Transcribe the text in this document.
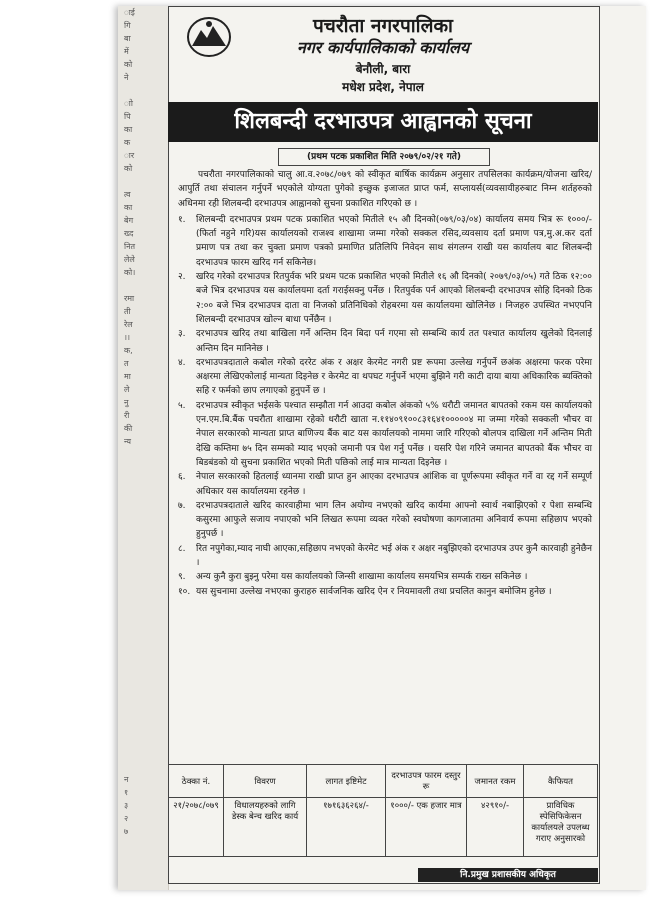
ाई
गि
बा
में
को
ने
ाो
पि
का
क
ार
को
त्व
का
बेग
ख्द
नित
लेले
को।
रमा
ती
रेल
।।
क,
त
मा
ले
नु
री
की
न्य
न
१
३
२
७
पचरौता नगरपालिका
नगर कार्यपालिकाको कार्यालय
बेनौली, बारा
मधेश प्रदेश, नेपाल
शिलबन्दी दरभाउपत्र आह्वानको सूचना
(प्रथम पटक प्रकाशित मिति २०७९/०२/२१ गते)

पचरौता नगरपालिकाको चालु आ.व.२०७८/०७९ को स्वीकृत बार्षिक कार्यक्रम अनुसार तपसिलका कार्यक्रम/योजना खरिद/आपुर्ति तथा संचालन गर्नुपर्ने भएकोले योग्यता पुगेको इच्छुक इजाजत प्राप्त फर्म, सप्लायर्स(व्यवसायीहरुबाट निम्न शर्तहरुको अधिनमा रही शिलबन्दी दरभाउपत्र आह्वानको सुचना प्रकाशित गरिएको छ ।

१.	शिलबन्दी दरभाउपत्र प्रथम पटक प्रकाशित भएको मितीले १५ औ दिनको(०७९/०३/०४) कार्यालय समय भित्र रू १०००/-(फिर्ता नहुने गरि)यस कार्यालयको राजश्व शाखामा जम्मा गरेको सक्कल रसिद,व्यवसाय दर्ता प्रमाण पत्र,मु.अ.कर दर्ता प्रमाण पत्र तथा कर चुक्ता प्रमाण पत्रको प्रमाणित प्रतिलिपि निवेदन साथ संगलग्न राखी यस कार्यालय बाट शिलबन्दी दरभाउपत्र फारम खरिद गर्न सकिनेछ।
२.	खरिद गरेको दरभाउपत्र रितपुर्वक भरि प्रथम पटक प्रकाशित भएको मितीले १६ औ दिनको( २०७९/०३/०५) गते ठिक १२:०० बजे भित्र दरभाउपत्र यस कार्यालयमा दर्ता गराईसक्नु पर्नेछ । रितपुर्वक पर्न आएको शिलबन्दी दरभाउपत्र सोहि दिनको ठिक २:०० बजे भित्र दरभाउपत्र दाता वा निजको प्रतिनिधिको रोहबरमा यस कार्यालयमा खोलिनेछ । निजहरु उपस्थित नभएपनि शिलबन्दी दरभाउपत्र खोल्न बाधा पर्नेछैन ।
३.	दरभाउपत्र खरिद तथा बाखिला गर्ने अन्तिम दिन बिदा पर्न गएमा सो सम्बन्धि कार्य तत पश्चात कार्यालय खुलेको दिनलाई अन्तिम दिन मानिनेछ ।
४.	दरभाउपत्रदाताले कबोल गरेको दररेट अंक र अक्षर केरमेट नगरी प्रष्ट रूपमा उल्लेख गर्नुपर्ने छअंक अक्षरमा फरक परेमा अक्षरमा लेखिएकोलाई मान्यता दिइनेछ र केरमेट वा थपघट गर्नुपर्ने भएमा बुझिने गरी काटी दाया बाया अधिकारिक ब्यक्तिको सहि र फर्मको छाप लगाएको हुनुपर्ने छ ।
५.	दरभाउपत्र स्वीकृत भईसके पश्चात सम्झौता गर्न आउदा कबोल अंकको ५% धरौटी जमानत बापतको रकम यस कार्यालयको एन.एम.बि.बैंक पचरौता शाखामा रहेको धरौटी खाता न.११४०९१००८३१६४१०००००४ मा जम्मा गरेको सक्कली भौचर वा नेपाल सरकारको मान्यता प्राप्त बाणिज्य बैंक बाट यस कार्यालयको नाममा जारि गरिएको बोलपत्र दाखिला गर्ने अन्तिम मिती देखि कम्तिमा ७५ दिन सम्मको म्याद भएको जमानी पत्र पेश गर्नु पर्नेछ । यसरि पेश गरिने जमानत बापतको बैंक भौचर वा बिडबंडको यो सुचना प्रकाशित भएको मिती पछिको लाई मात्र मान्यता दिइनेछ ।
६.	नेपाल सरकारको हितलाई ध्यानमा राखी प्राप्त हुन आएका दरभाउपत्र आंशिक वा पूर्णरूपमा स्वीकृत गर्ने वा रद्द गर्ने सम्पूर्ण अधिकार यस कार्यालयमा रहनेछ ।
७.	दरभाउपत्रदाताले खरिद कारवाहीमा भाग लिन अयोग्य नभएको खरिद कार्यमा आफ्नो स्वार्थ नबाझिएको र पेशा सम्बन्धि कसुरमा आफुले सजाय नपाएको भनि लिखत रूपमा व्यक्त गरेको स्वघोषणा कागजातमा अनिवार्य रूपमा सहिछाप भएको हुनुपर्छ ।
८.	रित नपुगेका,म्याद नाघी आएका,सहिछाप नभएको केरमेट भई अंक र अक्षर नबुझिएको दरभाउपत्र उपर कुनै कारवाही हुनेछैन ।
९.	अन्य कुनै कुरा बुझ्नु परेमा यस कार्यालयको जिन्सी शाखामा कार्यालय समयभित्र सम्पर्क राख्न सकिनेछ ।
१०. यस सुचनामा उल्लेख नभएका कुराहरु सार्वजनिक खरिद ऐन र नियमावली तथा प्रचलित कानुन बमोजिम हुनेछ ।
ठेक्का नं.	विवरण	लागत इष्टिमेट	दरभाउपत्र फारम दस्तुर रू	जमानत रकम	कैफियत
२१/२०७८/०७९	विधालयहरुको लागि डेस्क बेन्च खरिद कार्य	१७१६३६२६४/-	१०००/- एक हजार मात्र	४२९१०/-	प्राविधिक स्पेसिफिकेसन कार्यालयले उपलब्ध गराए अनुसारको
नि.प्रमुख प्रशासकीय अधिकृत
